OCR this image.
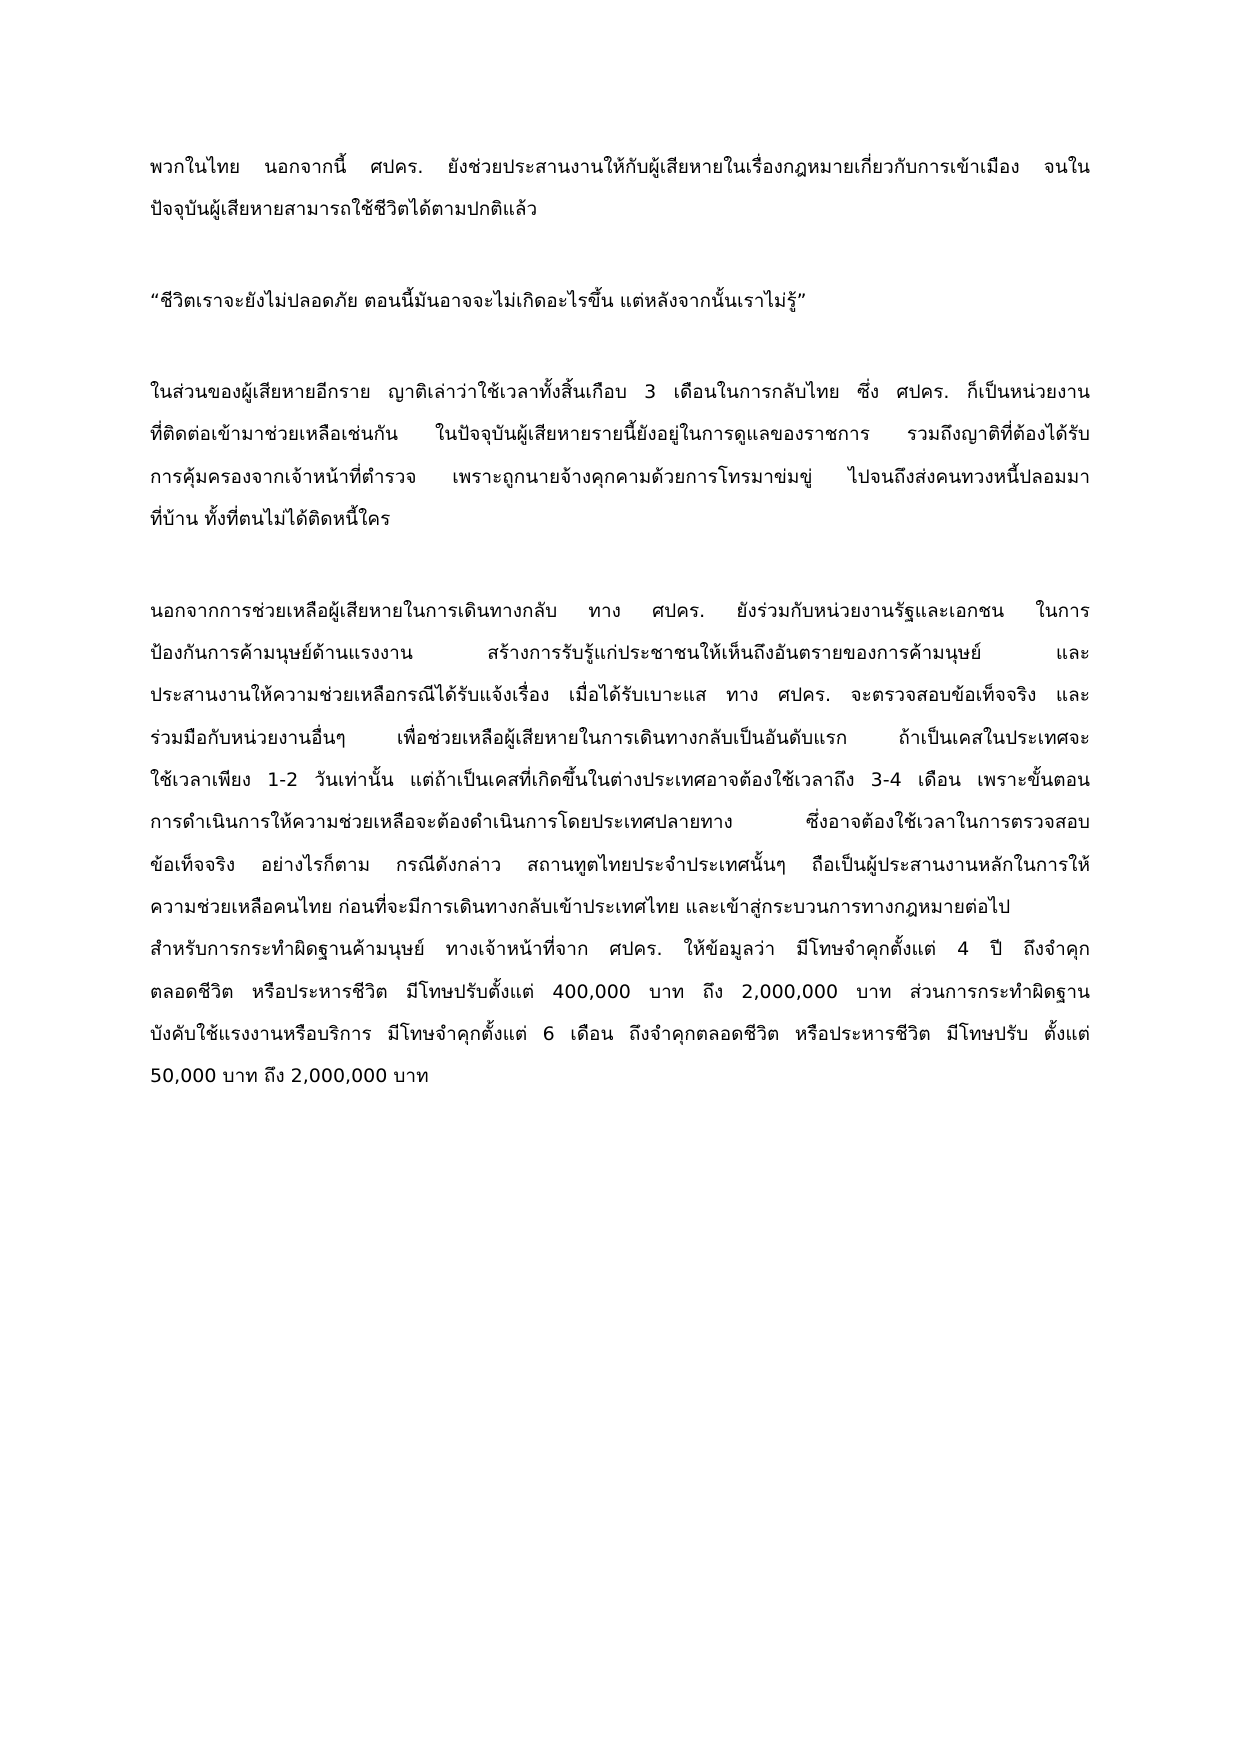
พวกในไทย นอกจากนี้ ศปคร. ยังช่วยประสานงานให้กับผู้เสียหายในเรื่องกฎหมายเกี่ยวกับการเข้าเมือง จนใน

ปัจจุบันผู้เสียหายสามารถใช้ชีวิตได้ตามปกติแล้ว

“ชีวิตเราจะยังไม่ปลอดภัย ตอนนี้มันอาจจะไม่เกิดอะไรขึ้น แต่หลังจากนั้นเราไม่รู้”

ในส่วนของผู้เสียหายอีกราย ญาติเล่าว่าใช้เวลาทั้งสิ้นเกือบ 3 เดือนในการกลับไทย ซึ่ง ศปคร. ก็เป็นหน่วยงาน

ที่ติดต่อเข้ามาช่วยเหลือเช่นกัน ในปัจจุบันผู้เสียหายรายนี้ยังอยู่ในการดูแลของราชการ รวมถึงญาติที่ต้องได้รับ

การคุ้มครองจากเจ้าหน้าที่ตำรวจ เพราะถูกนายจ้างคุกคามด้วยการโทรมาข่มขู่ ไปจนถึงส่งคนทวงหนี้ปลอมมา

ที่บ้าน ทั้งที่ตนไม่ได้ติดหนี้ใคร

นอกจากการช่วยเหลือผู้เสียหายในการเดินทางกลับ ทาง ศปคร. ยังร่วมกับหน่วยงานรัฐและเอกชน ในการ

ป้องกันการค้ามนุษย์ด้านแรงงาน สร้างการรับรู้แก่ประชาชนให้เห็นถึงอันตรายของการค้ามนุษย์ และ

ประสานงานให้ความช่วยเหลือกรณีได้รับแจ้งเรื่อง เมื่อได้รับเบาะแส ทาง ศปคร. จะตรวจสอบข้อเท็จจริง และ

ร่วมมือกับหน่วยงานอื่นๆ เพื่อช่วยเหลือผู้เสียหายในการเดินทางกลับเป็นอันดับแรก ถ้าเป็นเคสในประเทศจะ

ใช้เวลาเพียง 1-2 วันเท่านั้น แต่ถ้าเป็นเคสที่เกิดขึ้นในต่างประเทศอาจต้องใช้เวลาถึง 3-4 เดือน เพราะขั้นตอน

การดำเนินการให้ความช่วยเหลือจะต้องดำเนินการโดยประเทศปลายทาง ซึ่งอาจต้องใช้เวลาในการตรวจสอบ

ข้อเท็จจริง อย่างไรก็ตาม กรณีดังกล่าว สถานทูตไทยประจำประเทศนั้นๆ ถือเป็นผู้ประสานงานหลักในการให้

ความช่วยเหลือคนไทย ก่อนที่จะมีการเดินทางกลับเข้าประเทศไทย และเข้าสู่กระบวนการทางกฎหมายต่อไป

สำหรับการกระทำผิดฐานค้ามนุษย์ ทางเจ้าหน้าที่จาก ศปคร. ให้ข้อมูลว่า มีโทษจำคุกตั้งแต่ 4 ปี ถึงจำคุก

ตลอดชีวิต หรือประหารชีวิต มีโทษปรับตั้งแต่ 400,000 บาท ถึง 2,000,000 บาท ส่วนการกระทำผิดฐาน

บังคับใช้แรงงานหรือบริการ มีโทษจำคุกตั้งแต่ 6 เดือน ถึงจำคุกตลอดชีวิต หรือประหารชีวิต มีโทษปรับ ตั้งแต่

50,000 บาท ถึง 2,000,000 บาท
